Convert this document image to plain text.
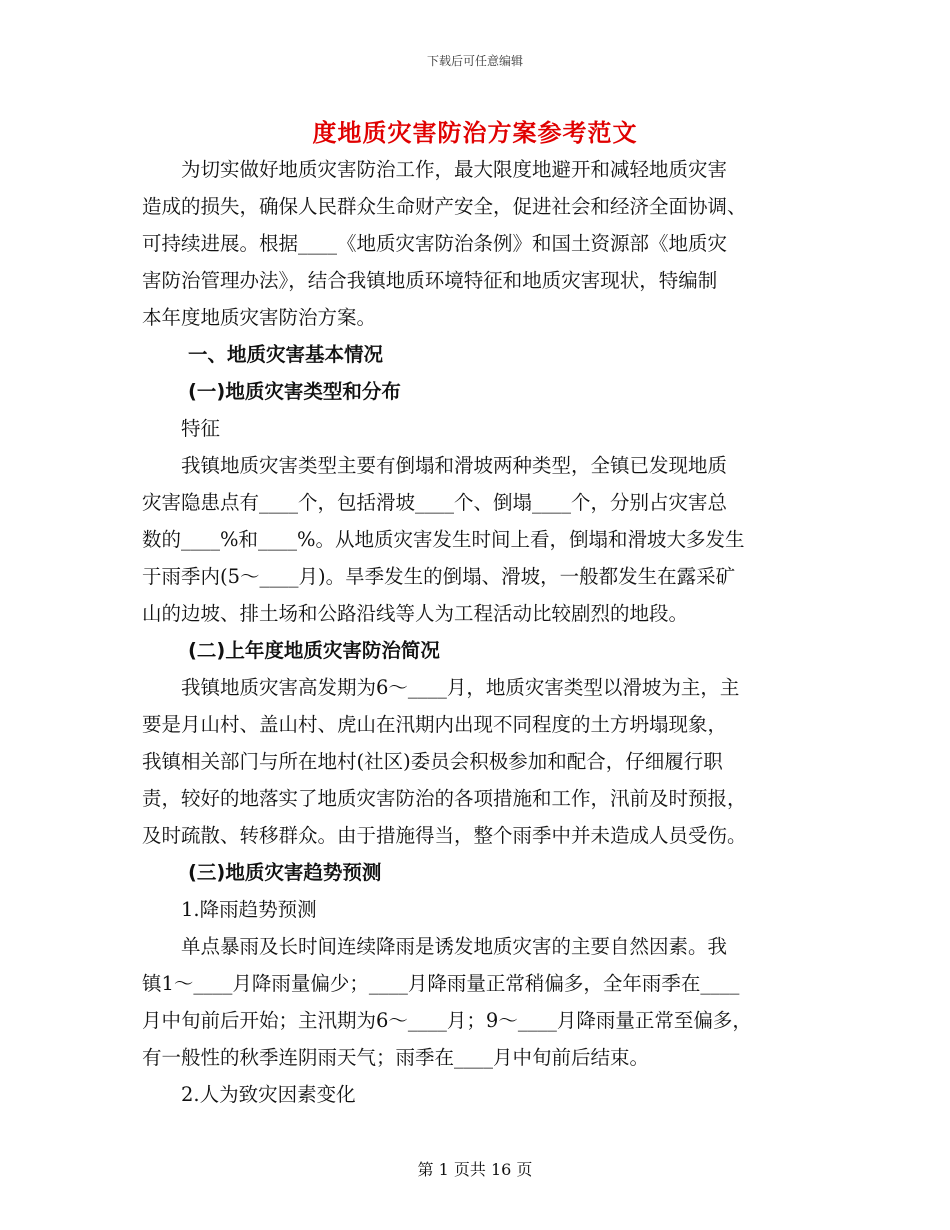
下载后可任意编辑
度地质灾害防治方案参考范文
　　为切实做好地质灾害防治工作，最大限度地避开和减轻地质灾害
造成的损失，确保人民群众生命财产安全，促进社会和经济全面协调、
可持续进展。根据____《地质灾害防治条例》和国土资源部《地质灾
害防治管理办法》，结合我镇地质环境特征和地质灾害现状，特编制
本年度地质灾害防治方案。
一、地质灾害基本情况
(一)地质灾害类型和分布
　　特征
　　我镇地质灾害类型主要有倒塌和滑坡两种类型，全镇已发现地质
灾害隐患点有____个，包括滑坡____个、倒塌____个，分别占灾害总
数的____%和____%。从地质灾害发生时间上看，倒塌和滑坡大多发生
于雨季内(5～____月)。旱季发生的倒塌、滑坡，一般都发生在露采矿
山的边坡、排土场和公路沿线等人为工程活动比较剧烈的地段。
(二)上年度地质灾害防治简况
　　我镇地质灾害高发期为6～____月，地质灾害类型以滑坡为主，主
要是月山村、盖山村、虎山在汛期内出现不同程度的土方坍塌现象，
我镇相关部门与所在地村(社区)委员会积极参加和配合，仔细履行职
责，较好的地落实了地质灾害防治的各项措施和工作，汛前及时预报，
及时疏散、转移群众。由于措施得当，整个雨季中并未造成人员受伤。
(三)地质灾害趋势预测
　　1.降雨趋势预测
　　单点暴雨及长时间连续降雨是诱发地质灾害的主要自然因素。我
镇1～____月降雨量偏少；____月降雨量正常稍偏多，全年雨季在____
月中旬前后开始；主汛期为6～____月；9～____月降雨量正常至偏多，
有一般性的秋季连阴雨天气；雨季在____月中旬前后结束。
　　2.人为致灾因素变化
第 1 页共 16 页
